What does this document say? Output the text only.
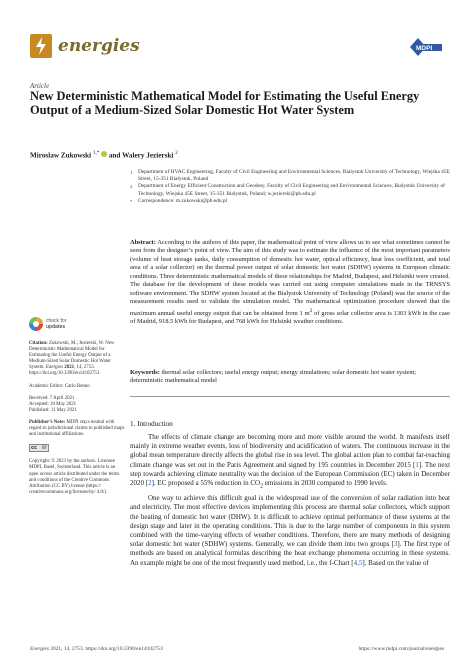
energies	MDPI
Article
New Deterministic Mathematical Model for Estimating the Useful Energy Output of a Medium-Sized Solar Domestic Hot Water System
Miroslaw Zukowski $^{1,*}$ and Walery Jezierski $^2$
1	Department of HVAC Engineering, Faculty of Civil Engineering and Environmental Sciences, Bialystok University of Technology, Wiejska 45E Street, 15-351 Bialystok, Poland
2	Department of Energy Efficient Construction and Geodesy, Faculty of Civil Engineering and Environmental Sciences, Bialystok University of Technology, Wiejska 45E Street, 15-351 Bialystok, Poland; w.jezierski@pb.edu.pl
*	Correspondence: m.zukowski@pb.edu.pl
Abstract: According to the authors of this paper, the mathematical point of view allows us to see what sometimes cannot be seen from the designer’s point of view. The aim of this study was to estimate the influence of the most important parameters (volume of heat storage tanks, daily consumption of domestic hot water, optical efficiency, heat loss coefficient, and total area of a solar collector) on the thermal power output of solar domestic hot water (SDHW) systems in European climatic conditions. Three deterministic mathematical models of these relationships for Madrid, Budapest, and Helsinki were created. The database for the development of these models was carried out using computer simulations made in the TRNSYS software environment. The SDHW system located at the Bialystok University of Technology (Poland) was the source of the measurement results used to validate the simulation model. The mathematical optimization procedure showed that the maximum annual useful energy output that can be obtained from 1 $m^2$ of gross solar collector area is 1303 kWh in the case of Madrid, 918.5 kWh for Budapest, and 768 kWh for Helsinki weather conditions.
Keywords: thermal solar collectors; useful energy output; energy simulations; solar domestic hot water system; deterministic mathematical model
check for
updates
Citation: Zukowski, M.; Jezierski, W. New Deterministic Mathematical Model for Estimating the Useful Energy Output of a Medium-Sized Solar Domestic Hot Water System. Energies 2021, 14, 2753. https://doi.org/10.3390/en14102753
Academic Editor: Carlo Renno
Received: 7 April 2021
Accepted: 10 May 2021
Published: 11 May 2021
Publisher’s Note: MDPI stays neutral with regard to jurisdictional claims in published maps and institutional affiliations.
cc BY
Copyright: © 2021 by the authors. Licensee MDPI, Basel, Switzerland. This article is an open access article distributed under the terms and conditions of the Creative Commons Attribution (CC BY) license (https:// creativecommons.org/licenses/by/ 4.0/).
1. Introduction

The effects of climate change are becoming more and more visible around the world. It manifests itself mainly in extreme weather events, loss of biodiversity and acidification of waters. The continuous increase in the global mean temperature directly affects the global rise in sea level. The global action plan to combat far-reaching climate change was set out in the Paris Agreement and signed by 195 countries in December 2015 [1]. The next step towards achieving climate neutrality was the decision of the European Commission (EC) taken in December 2020 [2]. EC proposed a 55% reduction in $CO_2$ emissions in 2030 compared to 1990 levels.

One way to achieve this difficult goal is the widespread use of the conversion of solar radiation into heat and electricity. The most effective devices implementing this process are thermal solar collectors, which support the heating of domestic hot water (DHW). It is difficult to achieve optimal performance of these systems at the design stage and later in the operating conditions. This is due to the large number of components in this system combined with the time-varying effects of weather conditions. Therefore, there are many methods of designing solar domestic hot water (SDHW) systems. Generally, we can divide them into two groups [3]. The first type of methods are based on analytical formulas describing the heat exchange phenomena occurring in these systems. An example might be one of the most frequently used method, i.e., the f-Chart [4,5]. Based on the value of

Energies 2021, 14, 2753. https://doi.org/10.3390/en14102753	https://www.mdpi.com/journal/energies
